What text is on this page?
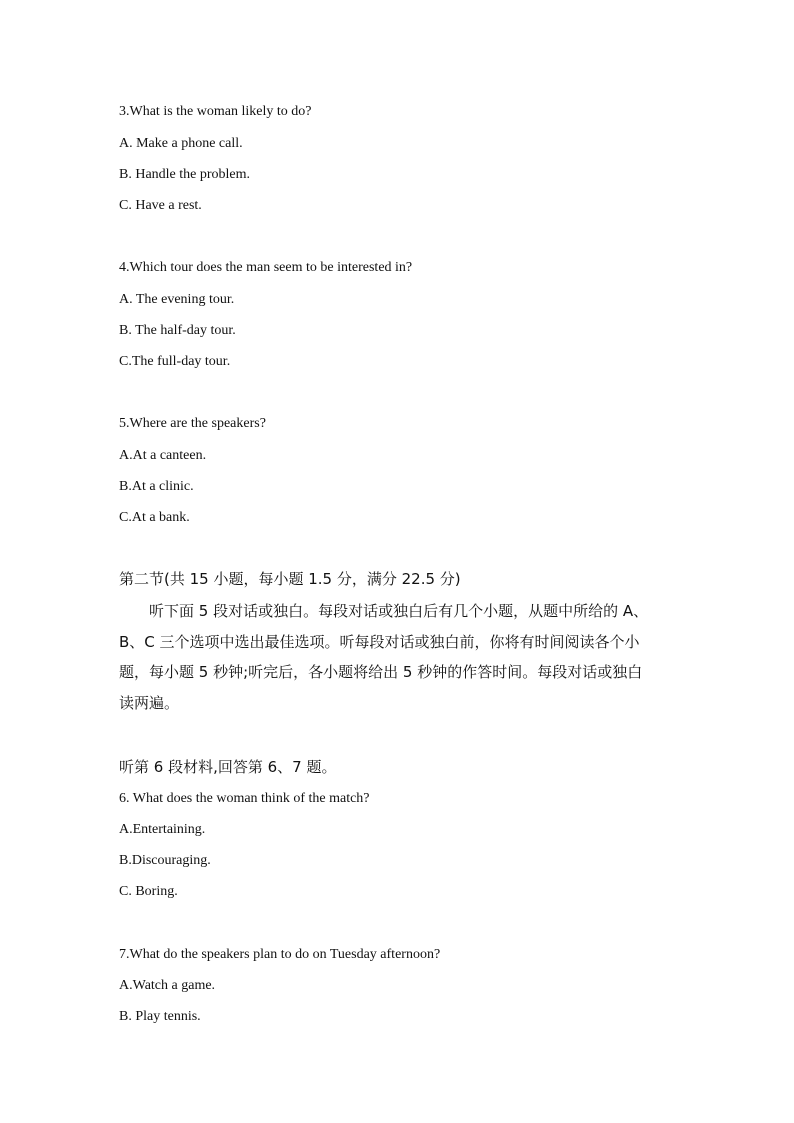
3.What is the woman likely to do?
A. Make a phone call.
B. Handle the problem.
C. Have a rest.
4.Which tour does the man seem to be interested in?
A. The evening tour.
B. The half-day tour.
C.The full-day tour.
5.Where are the speakers?
A.At a canteen.
B.At a clinic.
C.At a bank.
第二节(共 15 小题，每小题 1.5 分，满分 22.5 分)
听下面 5 段对话或独白。每段对话或独白后有几个小题，从题中所给的 A、
B、C 三个选项中选出最佳选项。听每段对话或独白前，你将有时间阅读各个小
题，每小题 5 秒钟;听完后，各小题将给出 5 秒钟的作答时间。每段对话或独白
读两遍。
听第 6 段材料,回答第 6、7 题。
6. What does the woman think of the match?
A.Entertaining.
B.Discouraging.
C. Boring.
7.What do the speakers plan to do on Tuesday afternoon?
A.Watch a game.
B. Play tennis.
